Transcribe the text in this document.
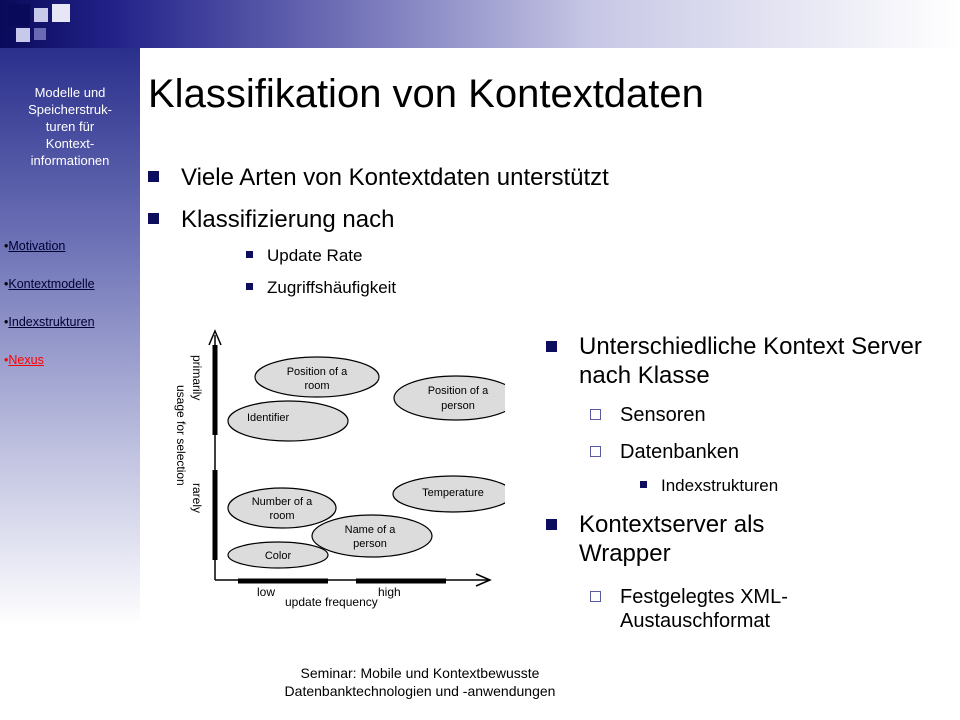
Modelle und
Speicherstruk-
turen für
Kontext-
informationen
•Motivation
•Kontextmodelle
•Indexstrukturen
•Nexus
Klassifikation von Kontextdaten
Viele Arten von Kontextdaten unterstützt
Klassifizierung nach
Update Rate
Zugriffshäufigkeit
primarily
usage for selection
rarely
low	high
update frequency
Position of a room	Position of a person
Identifier
Temperature
Number of a room
Name of a person
Color
Unterschiedliche Kontext Server nach Klasse
Sensoren
Datenbanken
Indexstrukturen
Kontextserver als Wrapper
Festgelegtes XML-Austauschformat
Seminar: Mobile und Kontextbewusste
Datenbanktechnologien und -anwendungen
